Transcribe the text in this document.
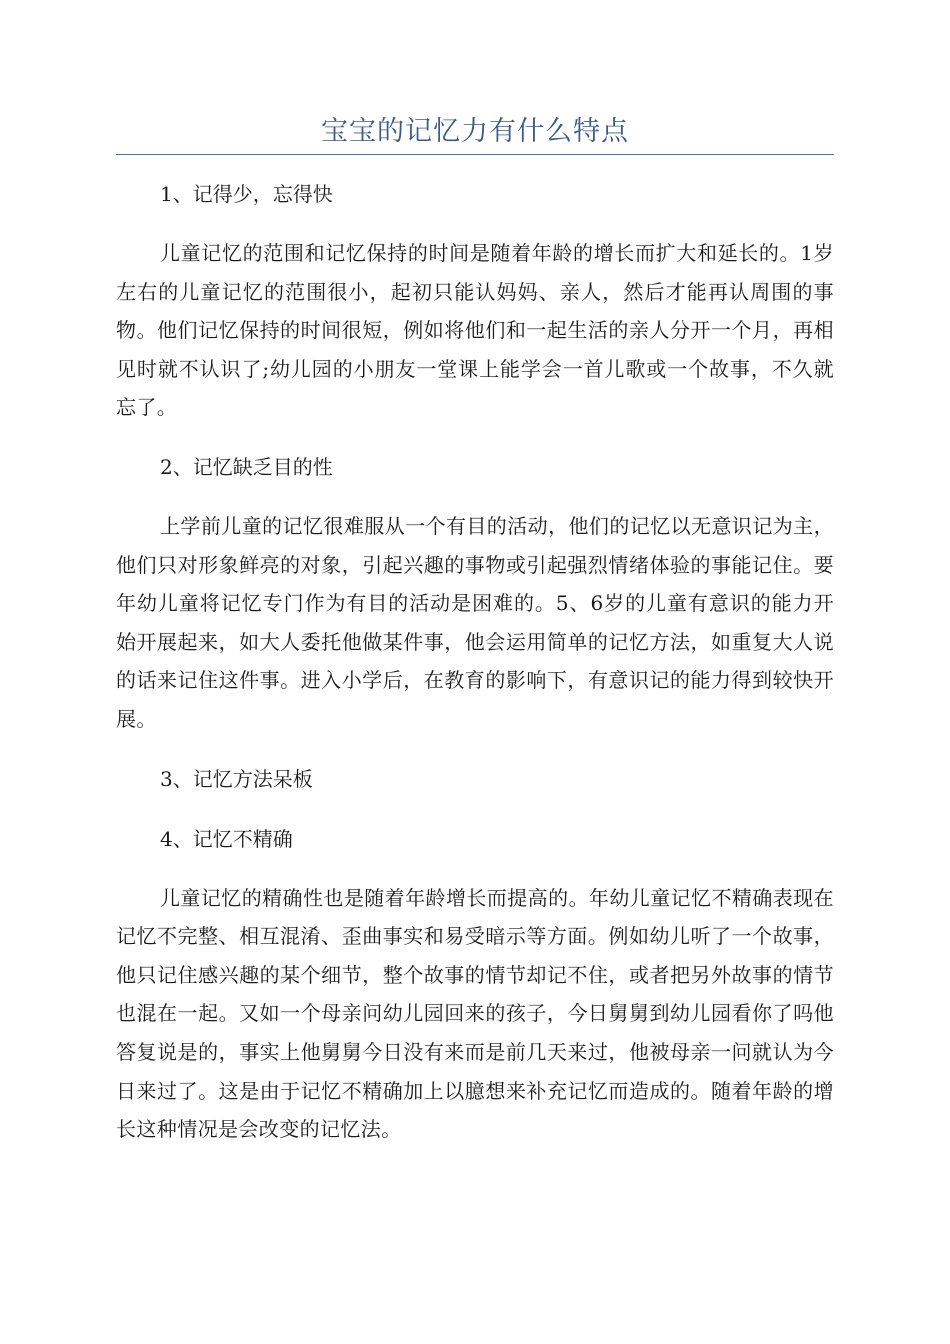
宝宝的记忆力有什么特点
1、记得少，忘得快

儿童记忆的范围和记忆保持的时间是随着年龄的增长而扩大和延长的。1岁左右的儿童记忆的范围很小，起初只能认妈妈、亲人，然后才能再认周围的事物。他们记忆保持的时间很短，例如将他们和一起生活的亲人分开一个月，再相见时就不认识了;幼儿园的小朋友一堂课上能学会一首儿歌或一个故事，不久就忘了。

2、记忆缺乏目的性

上学前儿童的记忆很难服从一个有目的活动，他们的记忆以无意识记为主，他们只对形象鲜亮的对象，引起兴趣的事物或引起强烈情绪体验的事能记住。要年幼儿童将记忆专门作为有目的活动是困难的。5、6岁的儿童有意识的能力开始开展起来，如大人委托他做某件事，他会运用简单的记忆方法，如重复大人说的话来记住这件事。进入小学后，在教育的影响下，有意识记的能力得到较快开展。

3、记忆方法呆板
4、记忆不精确

儿童记忆的精确性也是随着年龄增长而提高的。年幼儿童记忆不精确表现在记忆不完整、相互混淆、歪曲事实和易受暗示等方面。例如幼儿听了一个故事，他只记住感兴趣的某个细节，整个故事的情节却记不住，或者把另外故事的情节也混在一起。又如一个母亲问幼儿园回来的孩子，今日舅舅到幼儿园看你了吗他答复说是的，事实上他舅舅今日没有来而是前几天来过，他被母亲一问就认为今日来过了。这是由于记忆不精确加上以臆想来补充记忆而造成的。随着年龄的增长这种情况是会改变的记忆法。
